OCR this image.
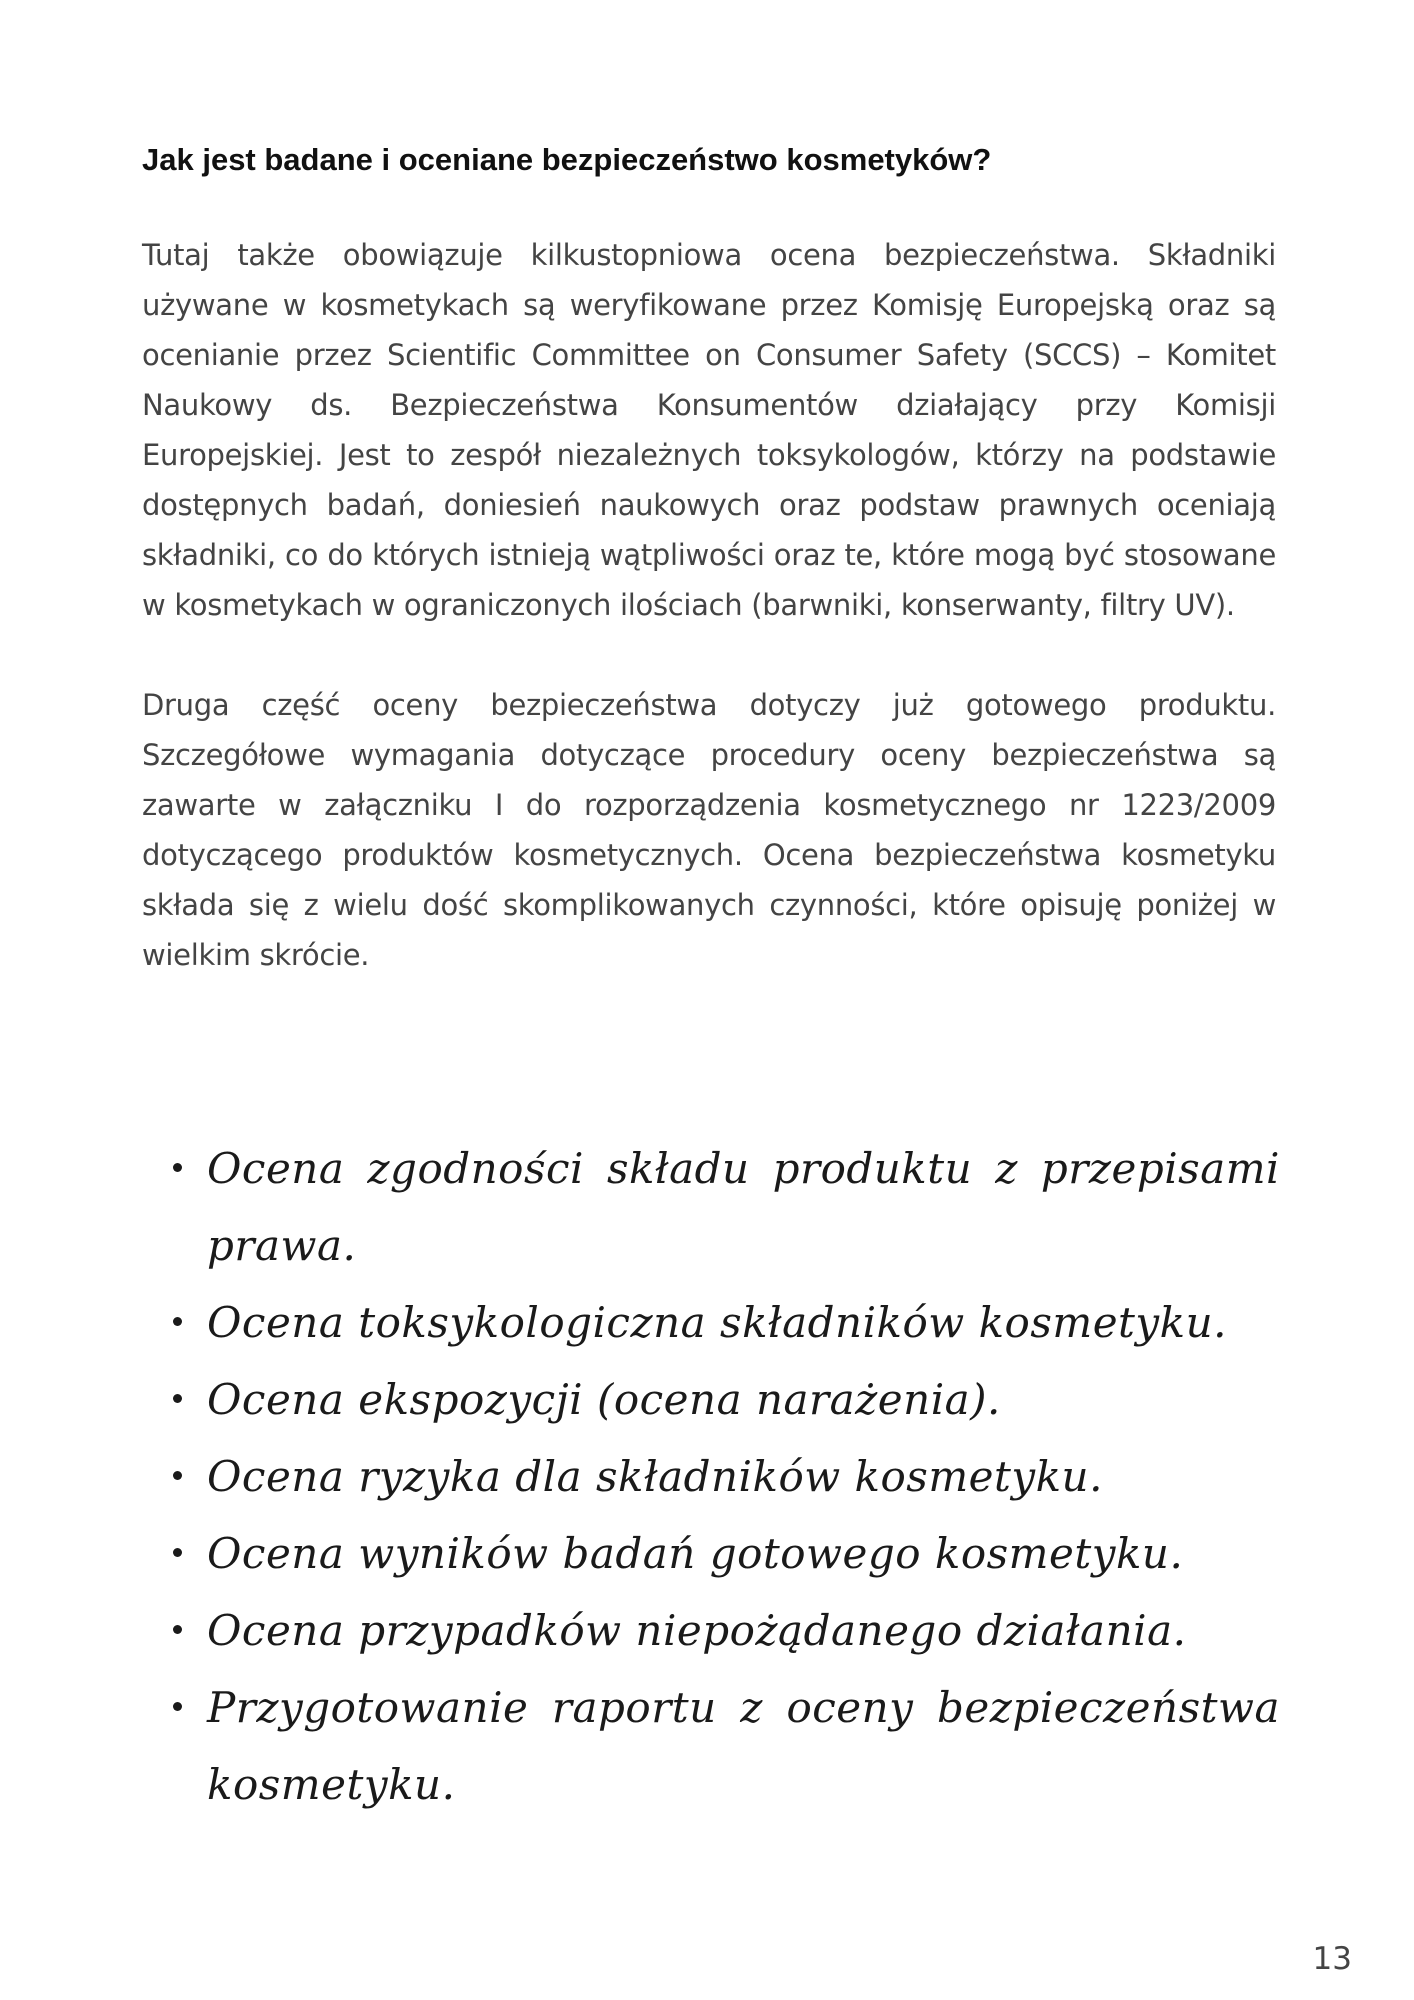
Jak jest badane i oceniane bezpieczeństwo kosmetyków?

Tutaj także obowiązuje kilkustopniowa ocena bezpieczeństwa. Składniki używane w kosmetykach są weryfikowane przez Komisję Europejską oraz są ocenianie przez Scientific Committee on Consumer Safety (SCCS) – Komitet Naukowy ds. Bezpieczeństwa Konsumentów działający przy Komisji Europejskiej. Jest to zespół niezależnych toksykologów, którzy na podstawie dostępnych badań, doniesień naukowych oraz podstaw prawnych oceniają składniki, co do których istnieją wątpliwości oraz te, które mogą być stosowane w kosmetykach w ograniczonych ilościach (barwniki, konserwanty, filtry UV).

Druga część oceny bezpieczeństwa dotyczy już gotowego produktu. Szczegółowe wymagania dotyczące procedury oceny bezpieczeństwa są zawarte w załączniku I do rozporządzenia kosmetycznego nr 1223/2009 dotyczącego produktów kosmetycznych. Ocena bezpieczeństwa kosmetyku składa się z wielu dość skomplikowanych czynności, które opisuję poniżej w wielkim skrócie.

Ocena zgodności składu produktu z przepisami prawa.
Ocena toksykologiczna składników kosmetyku.
Ocena ekspozycji (ocena narażenia).
Ocena ryzyka dla składników kosmetyku.
Ocena wyników badań gotowego kosmetyku.
Ocena przypadków niepożądanego działania.
Przygotowanie raportu z oceny bezpieczeństwa kosmetyku.
13
